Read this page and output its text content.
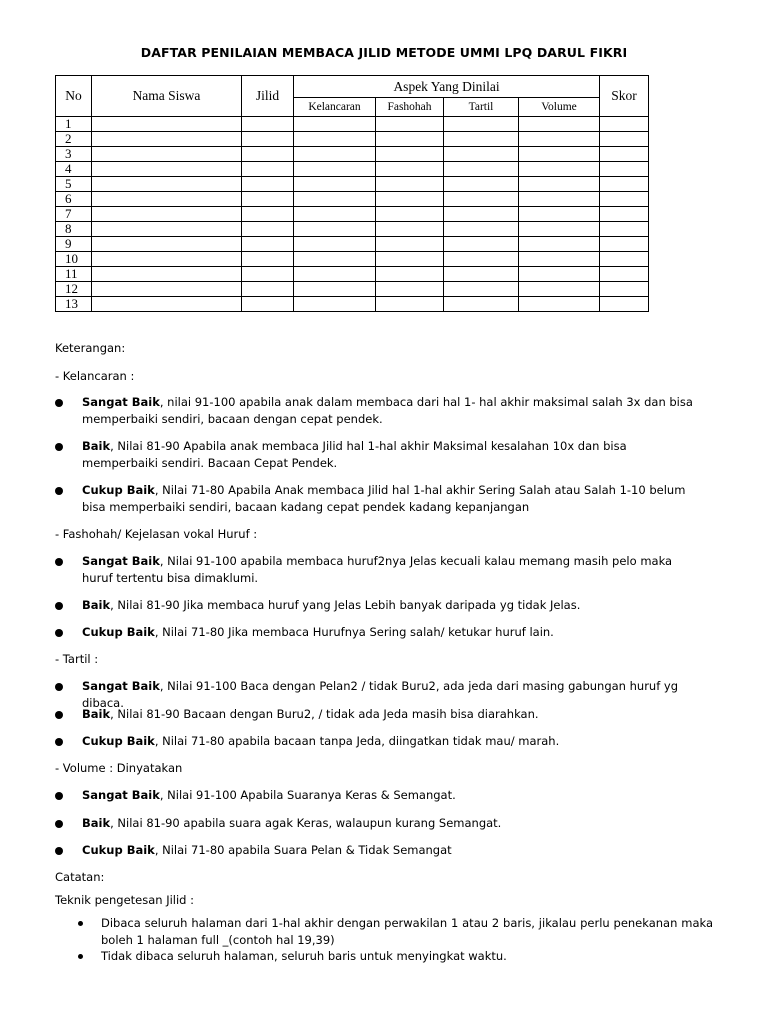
DAFTAR PENILAIAN MEMBACA JILID METODE UMMI LPQ DARUL FIKRI
No	Nama Siswa	Jilid	Aspek Yang Dinilai				Skor
			Kelancaran	Fashohah	Tartil	Volume	
1							
2							
3							
4							
5							
6							
7							
8							
9							
10							
11							
12							
13							
Keterangan:
- Kelancaran :
Sangat Baik, nilai 91-100 apabila anak dalam membaca dari hal 1- hal akhir maksimal salah 3x dan bisa memperbaiki sendiri, bacaan dengan cepat pendek.
Baik, Nilai 81-90 Apabila anak membaca Jilid hal 1-hal akhir Maksimal kesalahan 10x dan bisa memperbaiki sendiri. Bacaan Cepat Pendek.
Cukup Baik, Nilai 71-80 Apabila Anak membaca Jilid hal 1-hal akhir Sering Salah atau Salah 1-10 belum bisa memperbaiki sendiri, bacaan kadang cepat pendek kadang kepanjangan
- Fashohah/ Kejelasan vokal Huruf :
Sangat Baik, Nilai 91-100 apabila membaca huruf2nya Jelas kecuali kalau memang masih pelo maka huruf tertentu bisa dimaklumi.
Baik, Nilai 81-90 Jika membaca huruf yang Jelas Lebih banyak daripada yg tidak Jelas.
Cukup Baik, Nilai 71-80 Jika membaca Hurufnya Sering salah/ ketukar huruf lain.
- Tartil :
Sangat Baik, Nilai 91-100 Baca dengan Pelan2 / tidak Buru2, ada jeda dari masing gabungan huruf yg dibaca.
Baik, Nilai 81-90 Bacaan dengan Buru2, / tidak ada Jeda masih bisa diarahkan.
Cukup Baik, Nilai 71-80 apabila bacaan tanpa Jeda, diingatkan tidak mau/ marah.
- Volume : Dinyatakan
Sangat Baik, Nilai 91-100 Apabila Suaranya Keras & Semangat.
Baik, Nilai 81-90 apabila suara agak Keras, walaupun kurang Semangat.
Cukup Baik, Nilai 71-80 apabila Suara Pelan & Tidak Semangat
Catatan:
Teknik pengetesan Jilid :
Dibaca seluruh halaman dari 1-hal akhir dengan perwakilan 1 atau 2 baris, jikalau perlu penekanan maka boleh 1 halaman full _(contoh hal 19,39)
Tidak dibaca seluruh halaman, seluruh baris untuk menyingkat waktu.
